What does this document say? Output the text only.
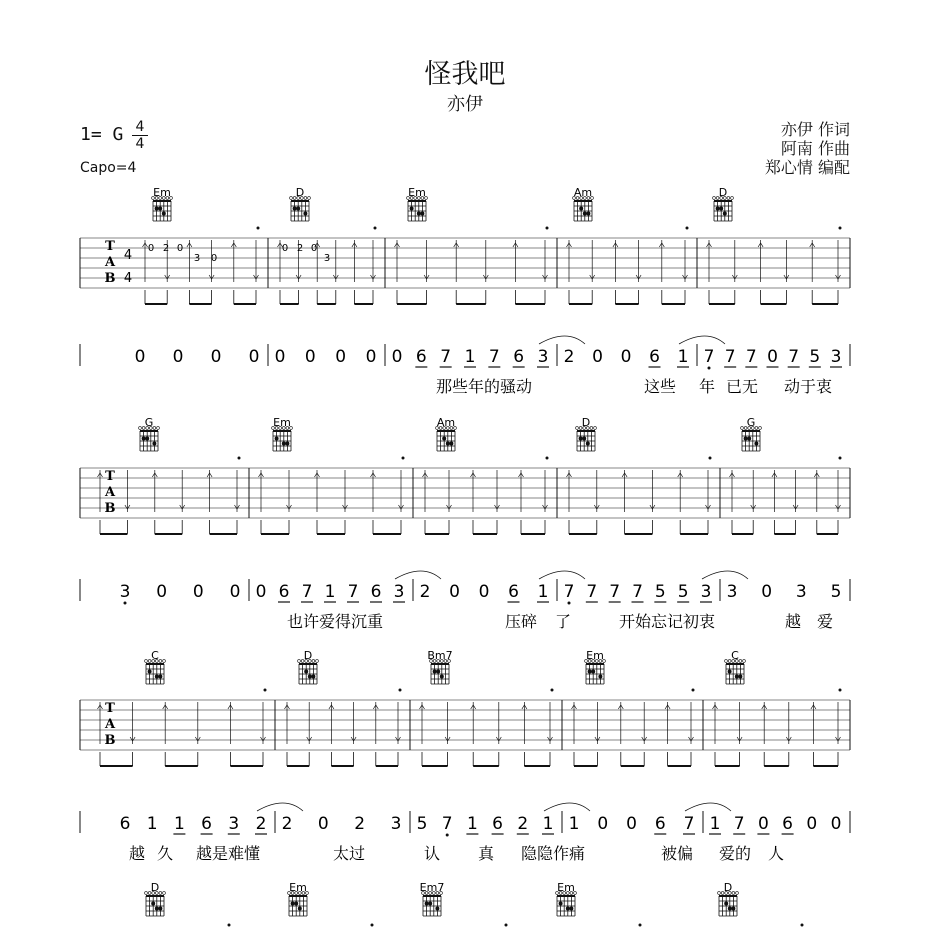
怪我吧
亦伊
1= G 4
4
Capo=4
亦伊 作词
阿南 作曲
郑心情 编配
Em	D	Em	Am	D
T
A
B
4
4
0 2 0
3 0
0 2 0
3
0 0 0 0 0 0 0 0 0 6 7 1 7 6 3 2 0 0 6 1 7 7 7 0 7 5 3
那些年的骚动	这些 年 已无 动于衷
G	Em	Am	D	G
T
A
B
3 0 0 0 0 6 7 1 7 6 3 2 0 0 6 1 7 7 7 7 5 5 3 3 0 3 5
也许爱得沉重	压碎 了	开始忘记初衷	越 爱
C	D	Bm7	Em	C
T
A
B
6 1 1 6 3 2 2 0 2 3 5 7 1 6 2 1 1 0 0 6 7 1 7 0 6 0 0
越 久 越是难懂	太过	认 真 隐隐作痛	被偏 爱的 人
D	Em	Em7	Em	D
